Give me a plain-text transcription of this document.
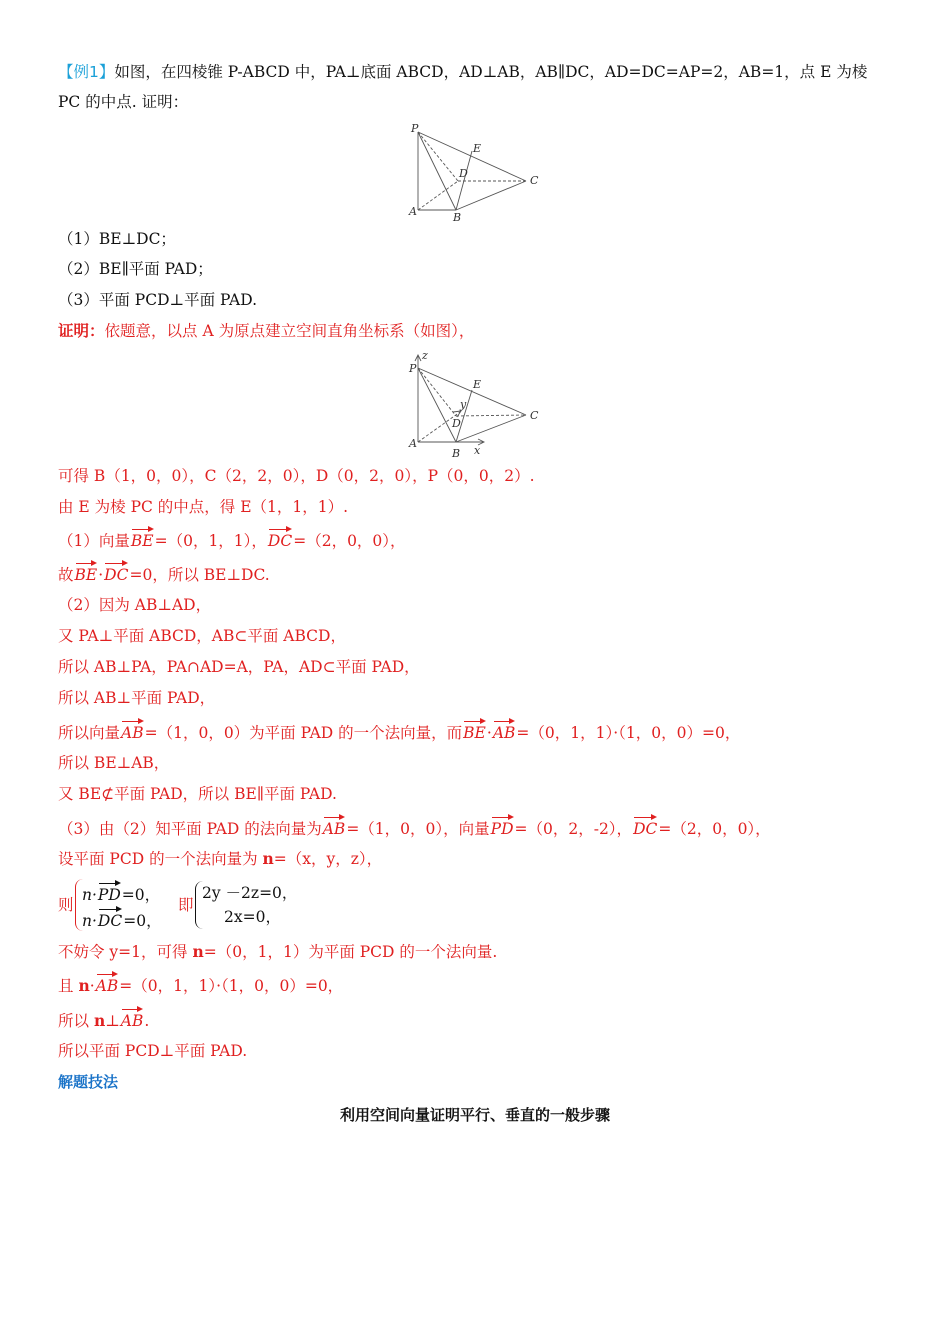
【例1】如图，在四棱锥 P-ABCD 中，PA⊥底面 ABCD，AD⊥AB，AB∥DC，AD=DC=AP=2，AB=1，点 E 为棱
PC 的中点. 证明：
P
E
D
C
A	B
（1）BE⊥DC；
（2）BE∥平面 PAD；
（3）平面 PCD⊥平面 PAD.
证明：依题意，以点 A 为原点建立空间直角坐标系（如图），
z
P
E
y
D
C
A
B x
可得 B（1，0，0），C（2，2，0），D（0，2，0），P（0，0，2）.
由 E 为棱 PC 的中点，得 E（1，1，1）.
（1）向量BE=（0，1，1），DC=（2，0，0），
故BE·DC=0，所以 BE⊥DC.
（2）因为 AB⊥AD，
又 PA⊥平面 ABCD，AB⊂平面 ABCD，
所以 AB⊥PA，PA∩AD=A，PA，AD⊂平面 PAD，
所以 AB⊥平面 PAD，
所以向量AB=（1，0，0）为平面 PAD 的一个法向量，而BE·AB=（0，1，1）·（1，0，0）=0，
所以 BE⊥AB，
又 BE⊄平面 PAD，所以 BE∥平面 PAD.
（3）由（2）知平面 PAD 的法向量为AB=（1，0，0），向量PD=（0，2，-2），DC=（2，0，0），
设平面 PCD 的一个法向量为 n=（x，y，z），
则
n·PD=0，
n·DC=0，
即
2y －2z=0，
2x=0，
不妨令 y=1，可得 n=（0，1，1）为平面 PCD 的一个法向量.
且 n·AB=（0，1，1）·（1，0，0）=0，
所以 n⊥AB.
所以平面 PCD⊥平面 PAD.
解题技法
利用空间向量证明平行、垂直的一般步骤
